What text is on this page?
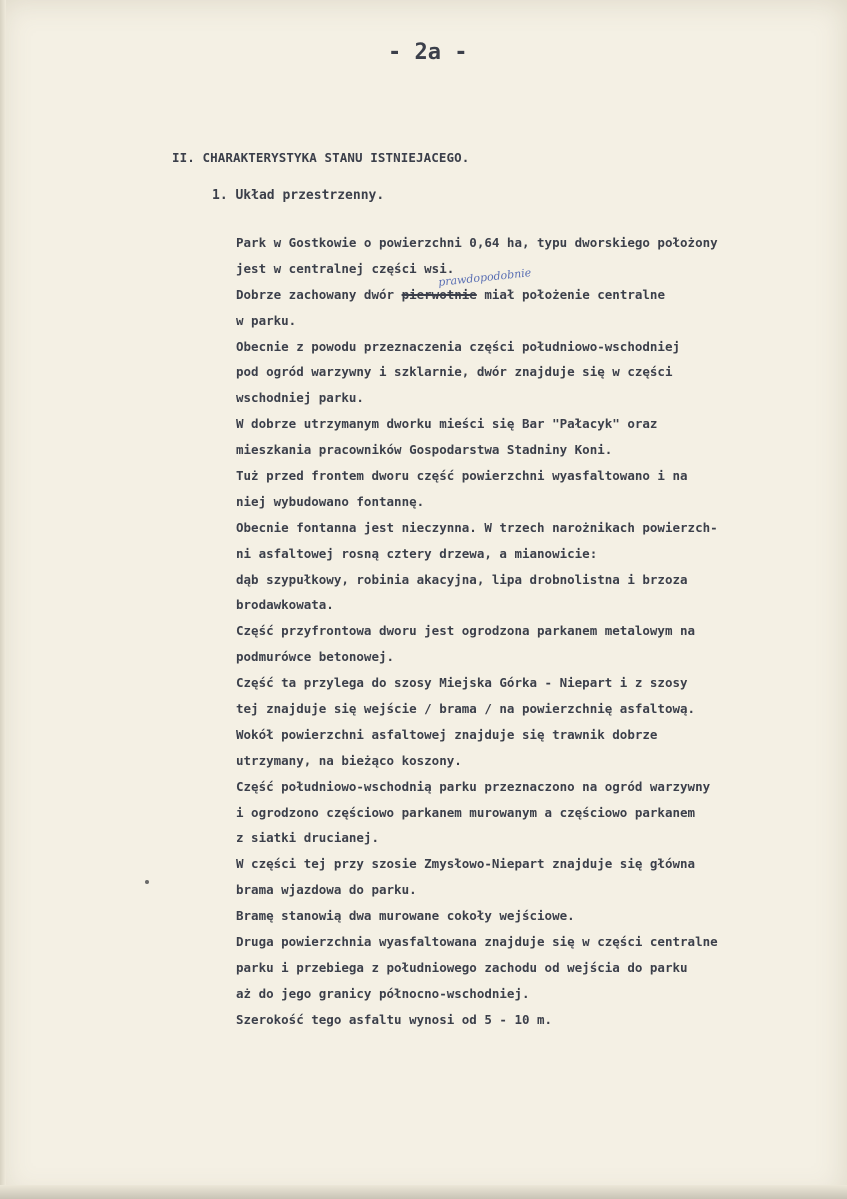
- 2a -
II. CHARAKTERYSTYKA STANU ISTNIEJACEGO.
1. Układ przestrzenny.
prawdopodobnie
Park w Gostkowie o powierzchni 0,64 ha, typu dworskiego położony
jest w centralnej części wsi.
Dobrze zachowany dwór pierwotnie miał położenie centralne
w parku.
Obecnie z powodu przeznaczenia części południowo-wschodniej
pod ogród warzywny i szklarnie, dwór znajduje się w części
wschodniej parku.
W dobrze utrzymanym dworku mieści się Bar "Pałacyk" oraz
mieszkania pracowników Gospodarstwa Stadniny Koni.
Tuż przed frontem dworu część powierzchni wyasfaltowano i na
niej wybudowano fontannę.
Obecnie fontanna jest nieczynna. W trzech narożnikach powierzch-
ni asfaltowej rosną cztery drzewa, a mianowicie:
dąb szypułkowy, robinia akacyjna, lipa drobnolistna i brzoza
brodawkowata.
Część przyfrontowa dworu jest ogrodzona parkanem metalowym na
podmurówce betonowej.
Część ta przylega do szosy Miejska Górka - Niepart i z szosy
tej znajduje się wejście / brama / na powierzchnię asfaltową.
Wokół powierzchni asfaltowej znajduje się trawnik dobrze
utrzymany, na bieżąco koszony.
Część południowo-wschodnią parku przeznaczono na ogród warzywny
i ogrodzono częściowo parkanem murowanym a częściowo parkanem
z siatki drucianej.
W części tej przy szosie Zmysłowo-Niepart znajduje się główna
brama wjazdowa do parku.
Bramę stanowią dwa murowane cokoły wejściowe.
Druga powierzchnia wyasfaltowana znajduje się w części centralne
parku i przebiega z południowego zachodu od wejścia do parku
aż do jego granicy północno-wschodniej.
Szerokość tego asfaltu wynosi od 5 - 10 m.
